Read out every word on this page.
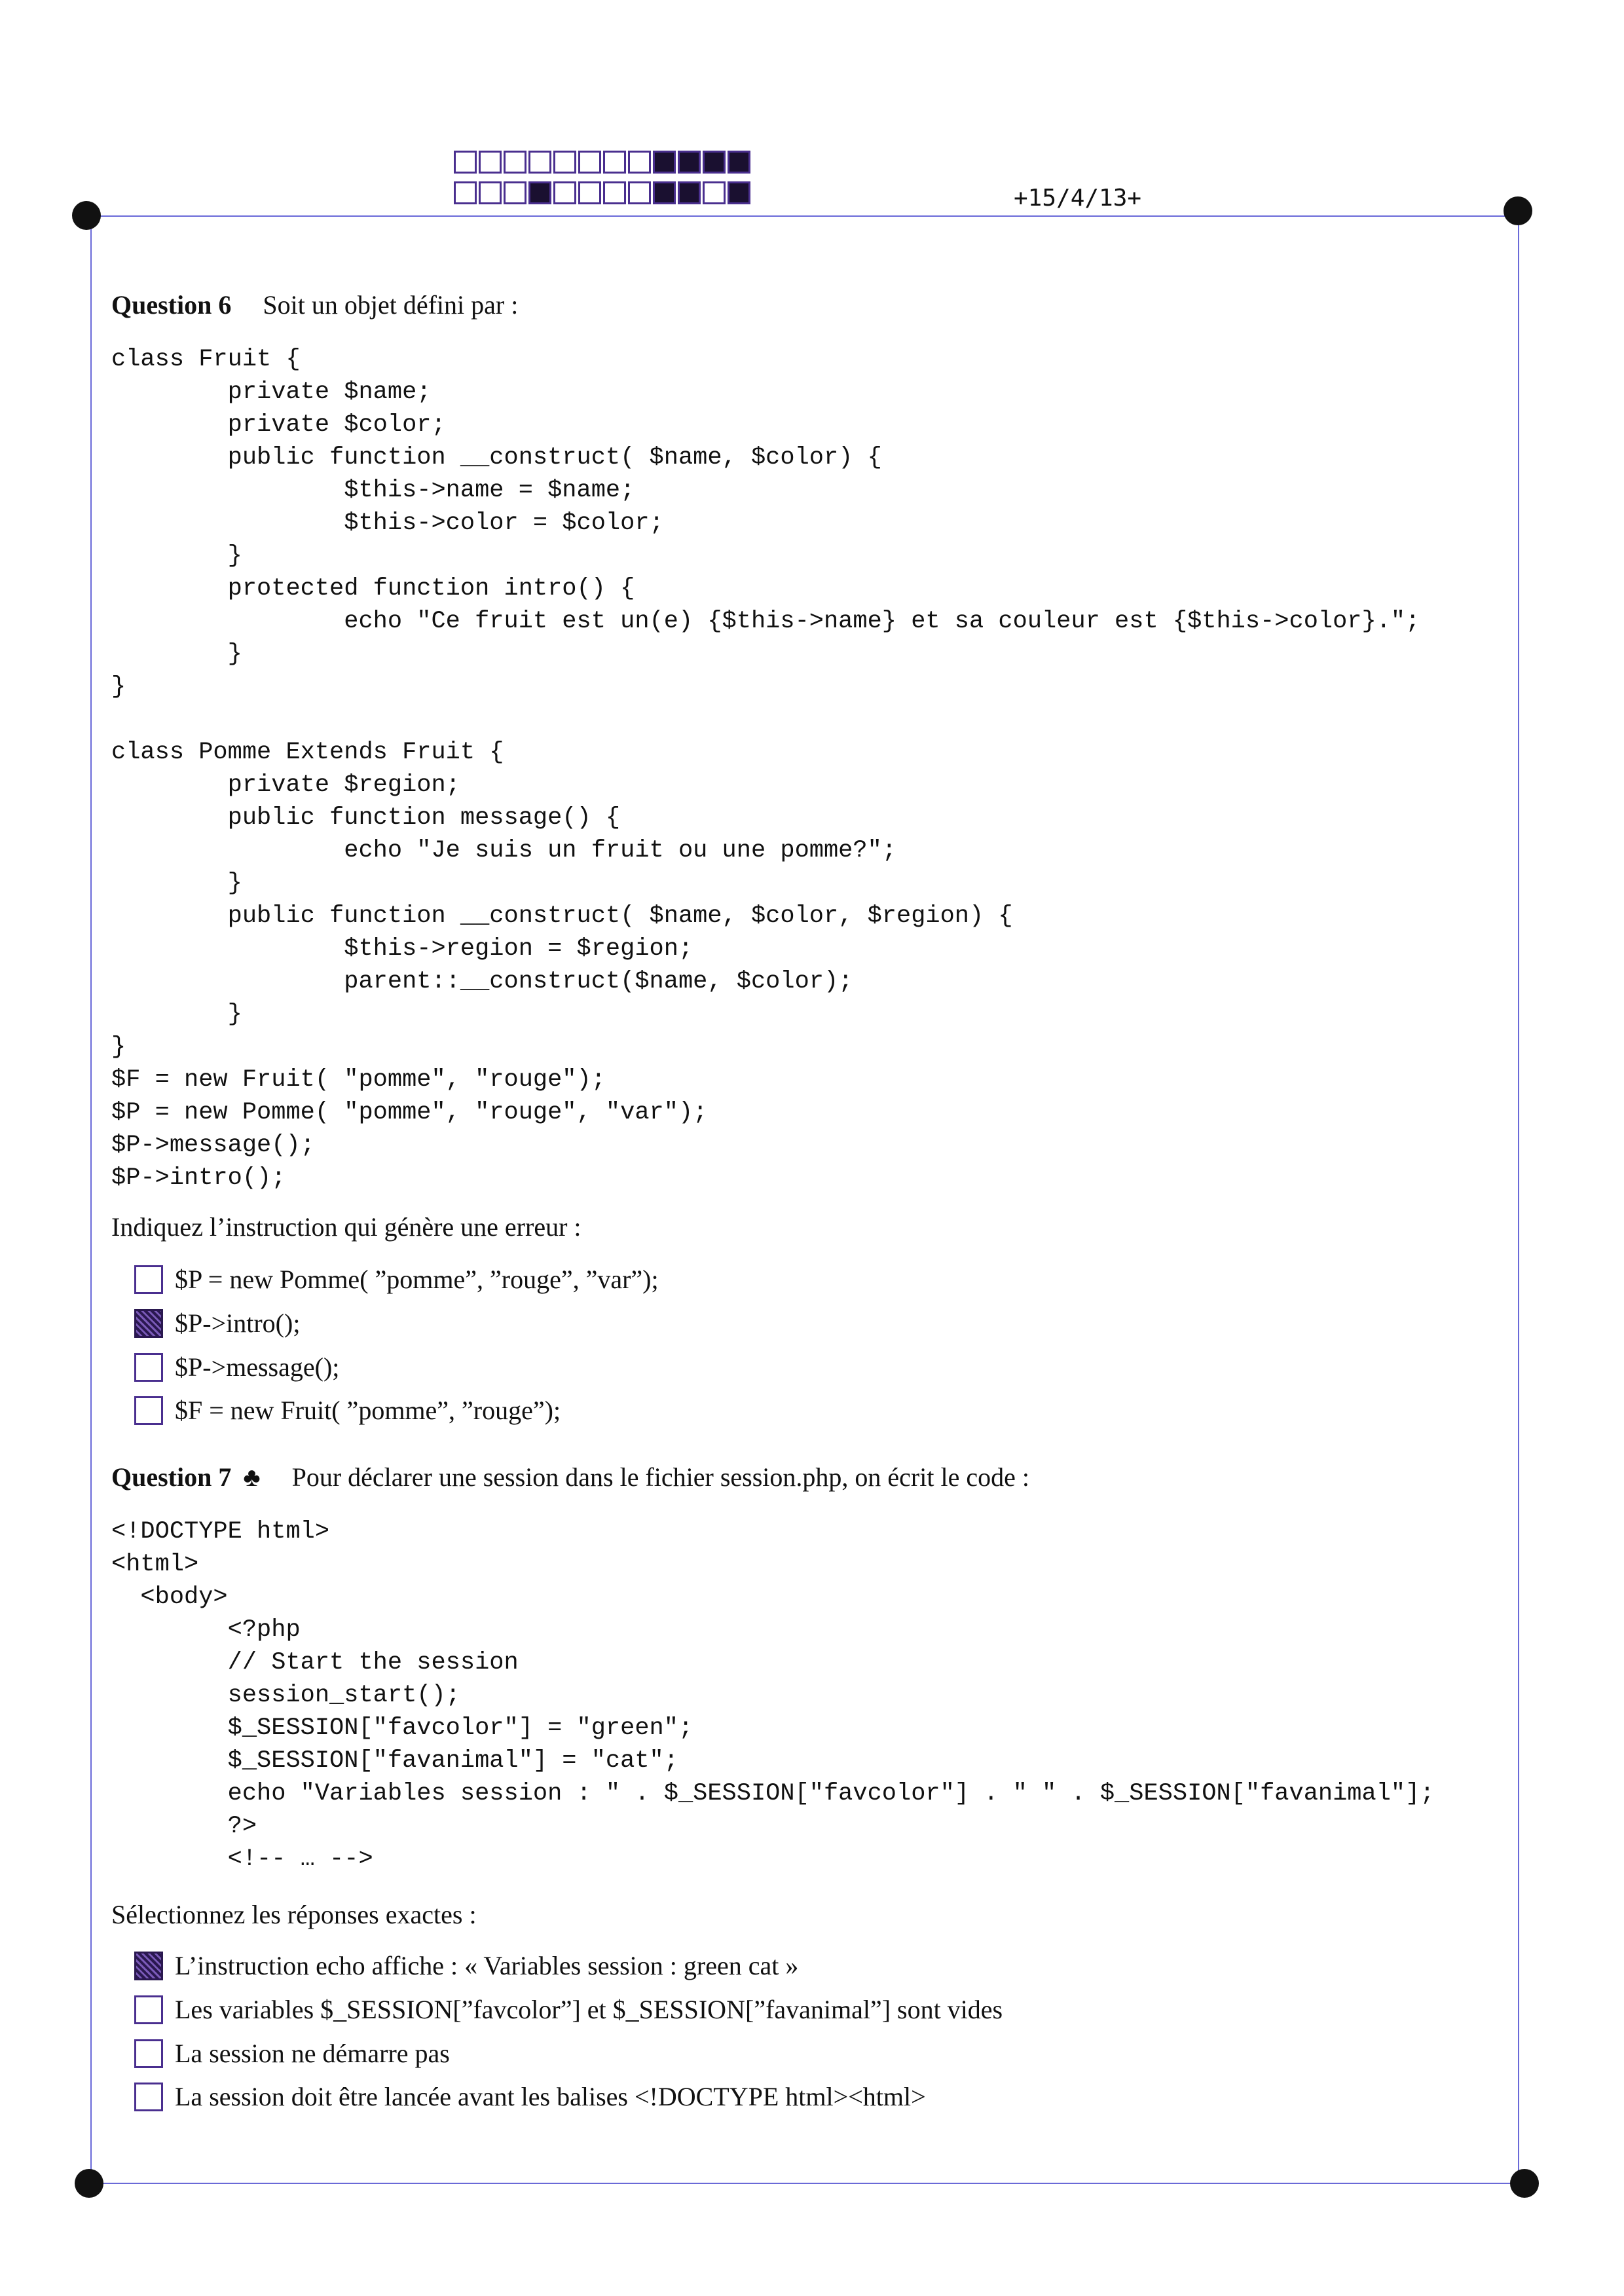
+15/4/13+
Question 6 Soit un objet défini par :
class Fruit {
private $name;
private $color;
public function __construct( $name, $color) {
$this->name = $name;
$this->color = $color;
}
protected function intro() {
echo "Ce fruit est un(e) {$this->name} et sa couleur est {$this->color}.";
}
}

class Pomme Extends Fruit {
private $region;
public function message() {
echo "Je suis un fruit ou une pomme?";
}
public function __construct( $name, $color, $region) {
$this->region = $region;
parent::__construct($name, $color);
}
}
$F = new Fruit( "pomme", "rouge");
$P = new Pomme( "pomme", "rouge", "var");
$P->message();
$P->intro();
Indiquez l’instruction qui génère une erreur :
$P = new Pomme( ”pomme”, ”rouge”, ”var”);
$P->intro();
$P->message();
$F = new Fruit( ”pomme”, ”rouge”);
Question 7 ♣ Pour déclarer une session dans le fichier session.php, on écrit le code :
<!DOCTYPE html>
<html>
<body>
<?php
// Start the session
session_start();
$_SESSION["favcolor"] = "green";
$_SESSION["favanimal"] = "cat";
echo "Variables session : " . $_SESSION["favcolor"] . " " . $_SESSION["favanimal"];
?>
<!-- … -->
Sélectionnez les réponses exactes :
L’instruction echo affiche : « Variables session : green cat »
Les variables $_SESSION[”favcolor”] et $_SESSION[”favanimal”] sont vides
La session ne démarre pas
La session doit être lancée avant les balises <!DOCTYPE html><html>
